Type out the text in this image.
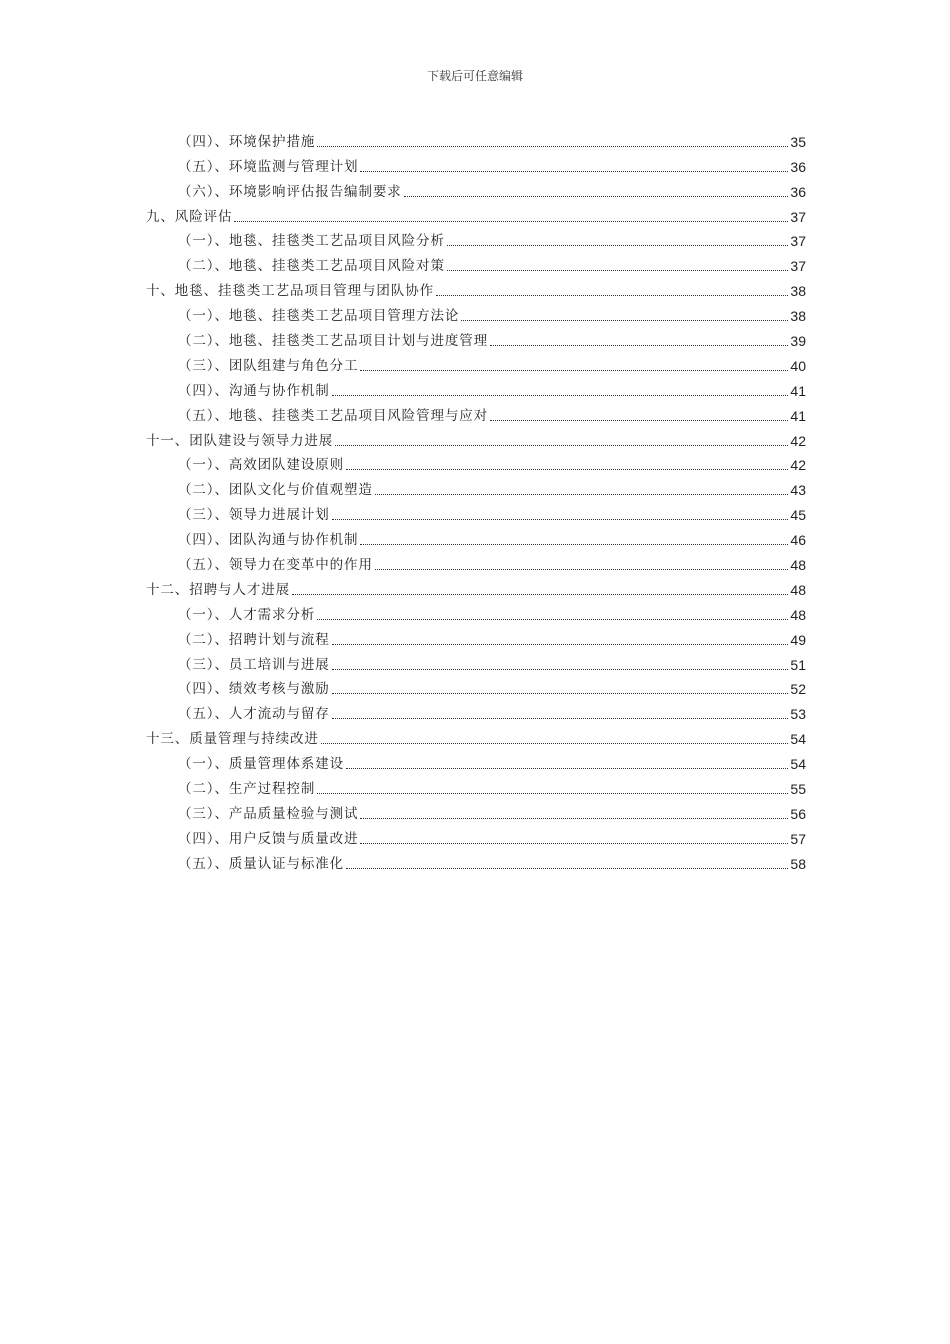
下载后可任意编辑
（四）、环境保护措施	35
（五）、环境监测与管理计划	36
（六）、环境影响评估报告编制要求	36
九、风险评估	37
（一）、地毯、挂毯类工艺品项目风险分析	37
（二）、地毯、挂毯类工艺品项目风险对策	37
十、地毯、挂毯类工艺品项目管理与团队协作	38
（一）、地毯、挂毯类工艺品项目管理方法论	38
（二）、地毯、挂毯类工艺品项目计划与进度管理	39
（三）、团队组建与角色分工	40
（四）、沟通与协作机制	41
（五）、地毯、挂毯类工艺品项目风险管理与应对	41
十一、团队建设与领导力进展	42
（一）、高效团队建设原则	42
（二）、团队文化与价值观塑造	43
（三）、领导力进展计划	45
（四）、团队沟通与协作机制	46
（五）、领导力在变革中的作用	48
十二、招聘与人才进展	48
（一）、人才需求分析	48
（二）、招聘计划与流程	49
（三）、员工培训与进展	51
（四）、绩效考核与激励	52
（五）、人才流动与留存	53
十三、质量管理与持续改进	54
（一）、质量管理体系建设	54
（二）、生产过程控制	55
（三）、产品质量检验与测试	56
（四）、用户反馈与质量改进	57
（五）、质量认证与标准化	58
